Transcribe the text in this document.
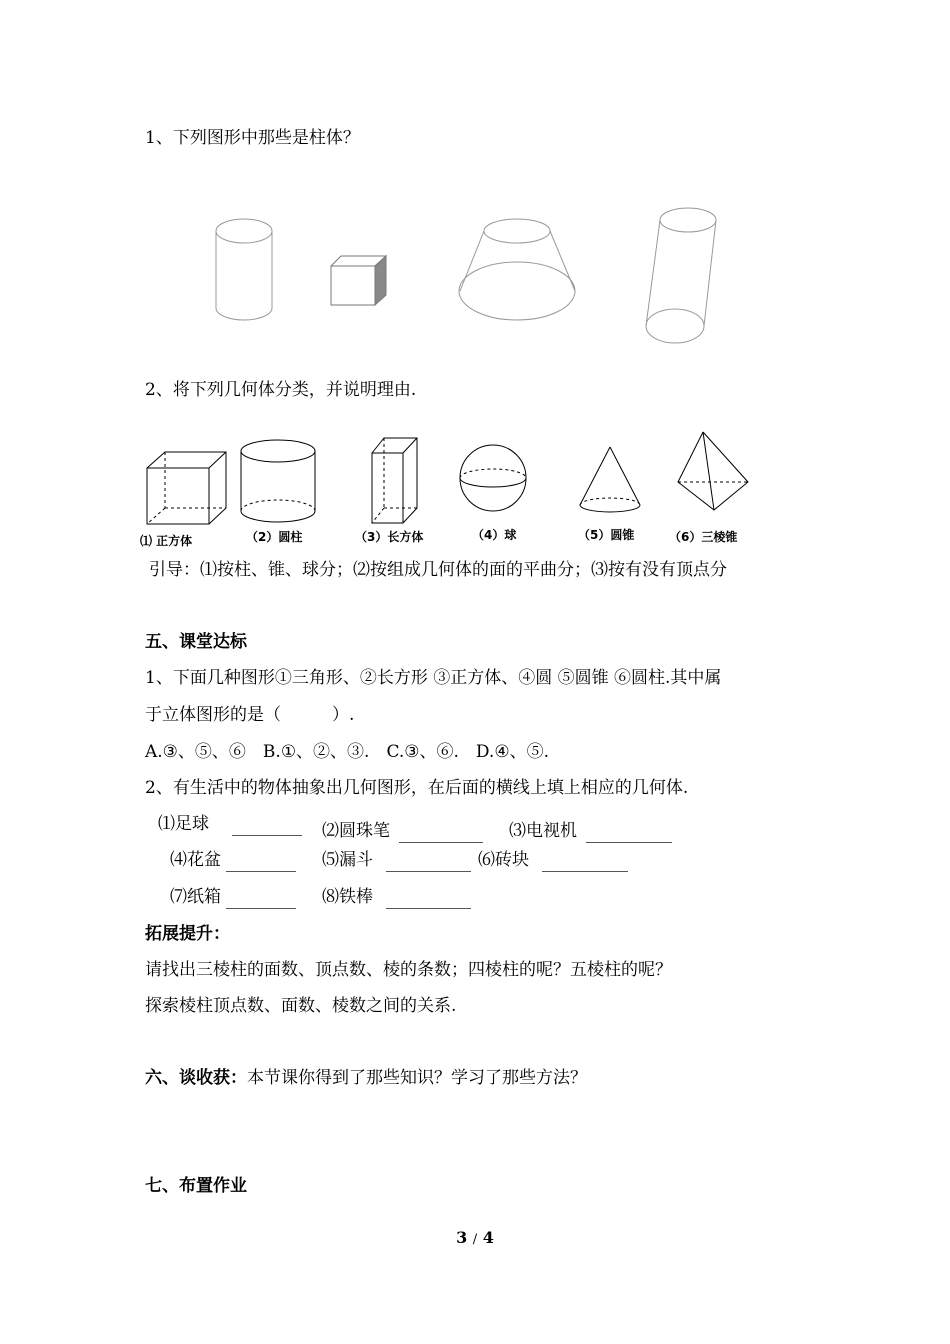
1、下列图形中那些是柱体？
2、将下列几何体分类，并说明理由.
⑴ 正方体	（2）圆柱	（3）长方体	（4）球	（5）圆锥	（6）三棱锥
引导：⑴按柱、锥、球分；⑵按组成几何体的面的平曲分；⑶按有没有顶点分
五、课堂达标
1、下面几种图形①三角形、②长方形 ③正方体、④圆 ⑤圆锥 ⑥圆柱.其中属
于立体图形的是（　　　）.
A.③、⑤、⑥　B.①、②、③.　C.③、⑥.　D.④、⑤.
2、有生活中的物体抽象出几何图形，在后面的横线上填上相应的几何体.
⑴足球	⑵圆珠笔	⑶电视机
⑷花盆	⑸漏斗	⑹砖块
⑺纸箱	⑻铁棒
拓展提升：
请找出三棱柱的面数、顶点数、棱的条数；四棱柱的呢？五棱柱的呢？
探索棱柱顶点数、面数、棱数之间的关系.
六、谈收获：本节课你得到了那些知识？学习了那些方法？
七、布置作业
3 / 4
